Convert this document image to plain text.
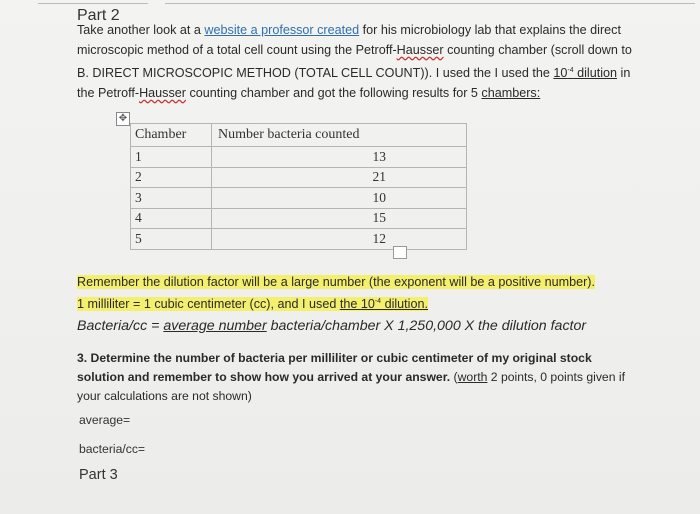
Part 2
Take another look at a website a professor created for his microbiology lab that explains the direct microscopic method of a total cell count using the Petroff-Hausser counting chamber (scroll down to B. DIRECT MICROSCOPIC METHOD (TOTAL CELL COUNT)). I used the I used the $10^{-4}$ dilution in the Petroff-Hausser counting chamber and got the following results for 5 chambers:
✥
Chamber	Number bacteria counted
1	13
2	21
3	10
4	15
5	12
Remember the dilution factor will be a large number (the exponent will be a positive number).
1 milliliter = 1 cubic centimeter (cc), and I used the $10^{-4}$ dilution.
Bacteria/cc = average number bacteria/chamber X 1,250,000 X the dilution factor
3. Determine the number of bacteria per milliliter or cubic centimeter of my original stock solution and remember to show how you arrived at your answer. (worth 2 points, 0 points given if your calculations are not shown)
average=
bacteria/cc=
Part 3
